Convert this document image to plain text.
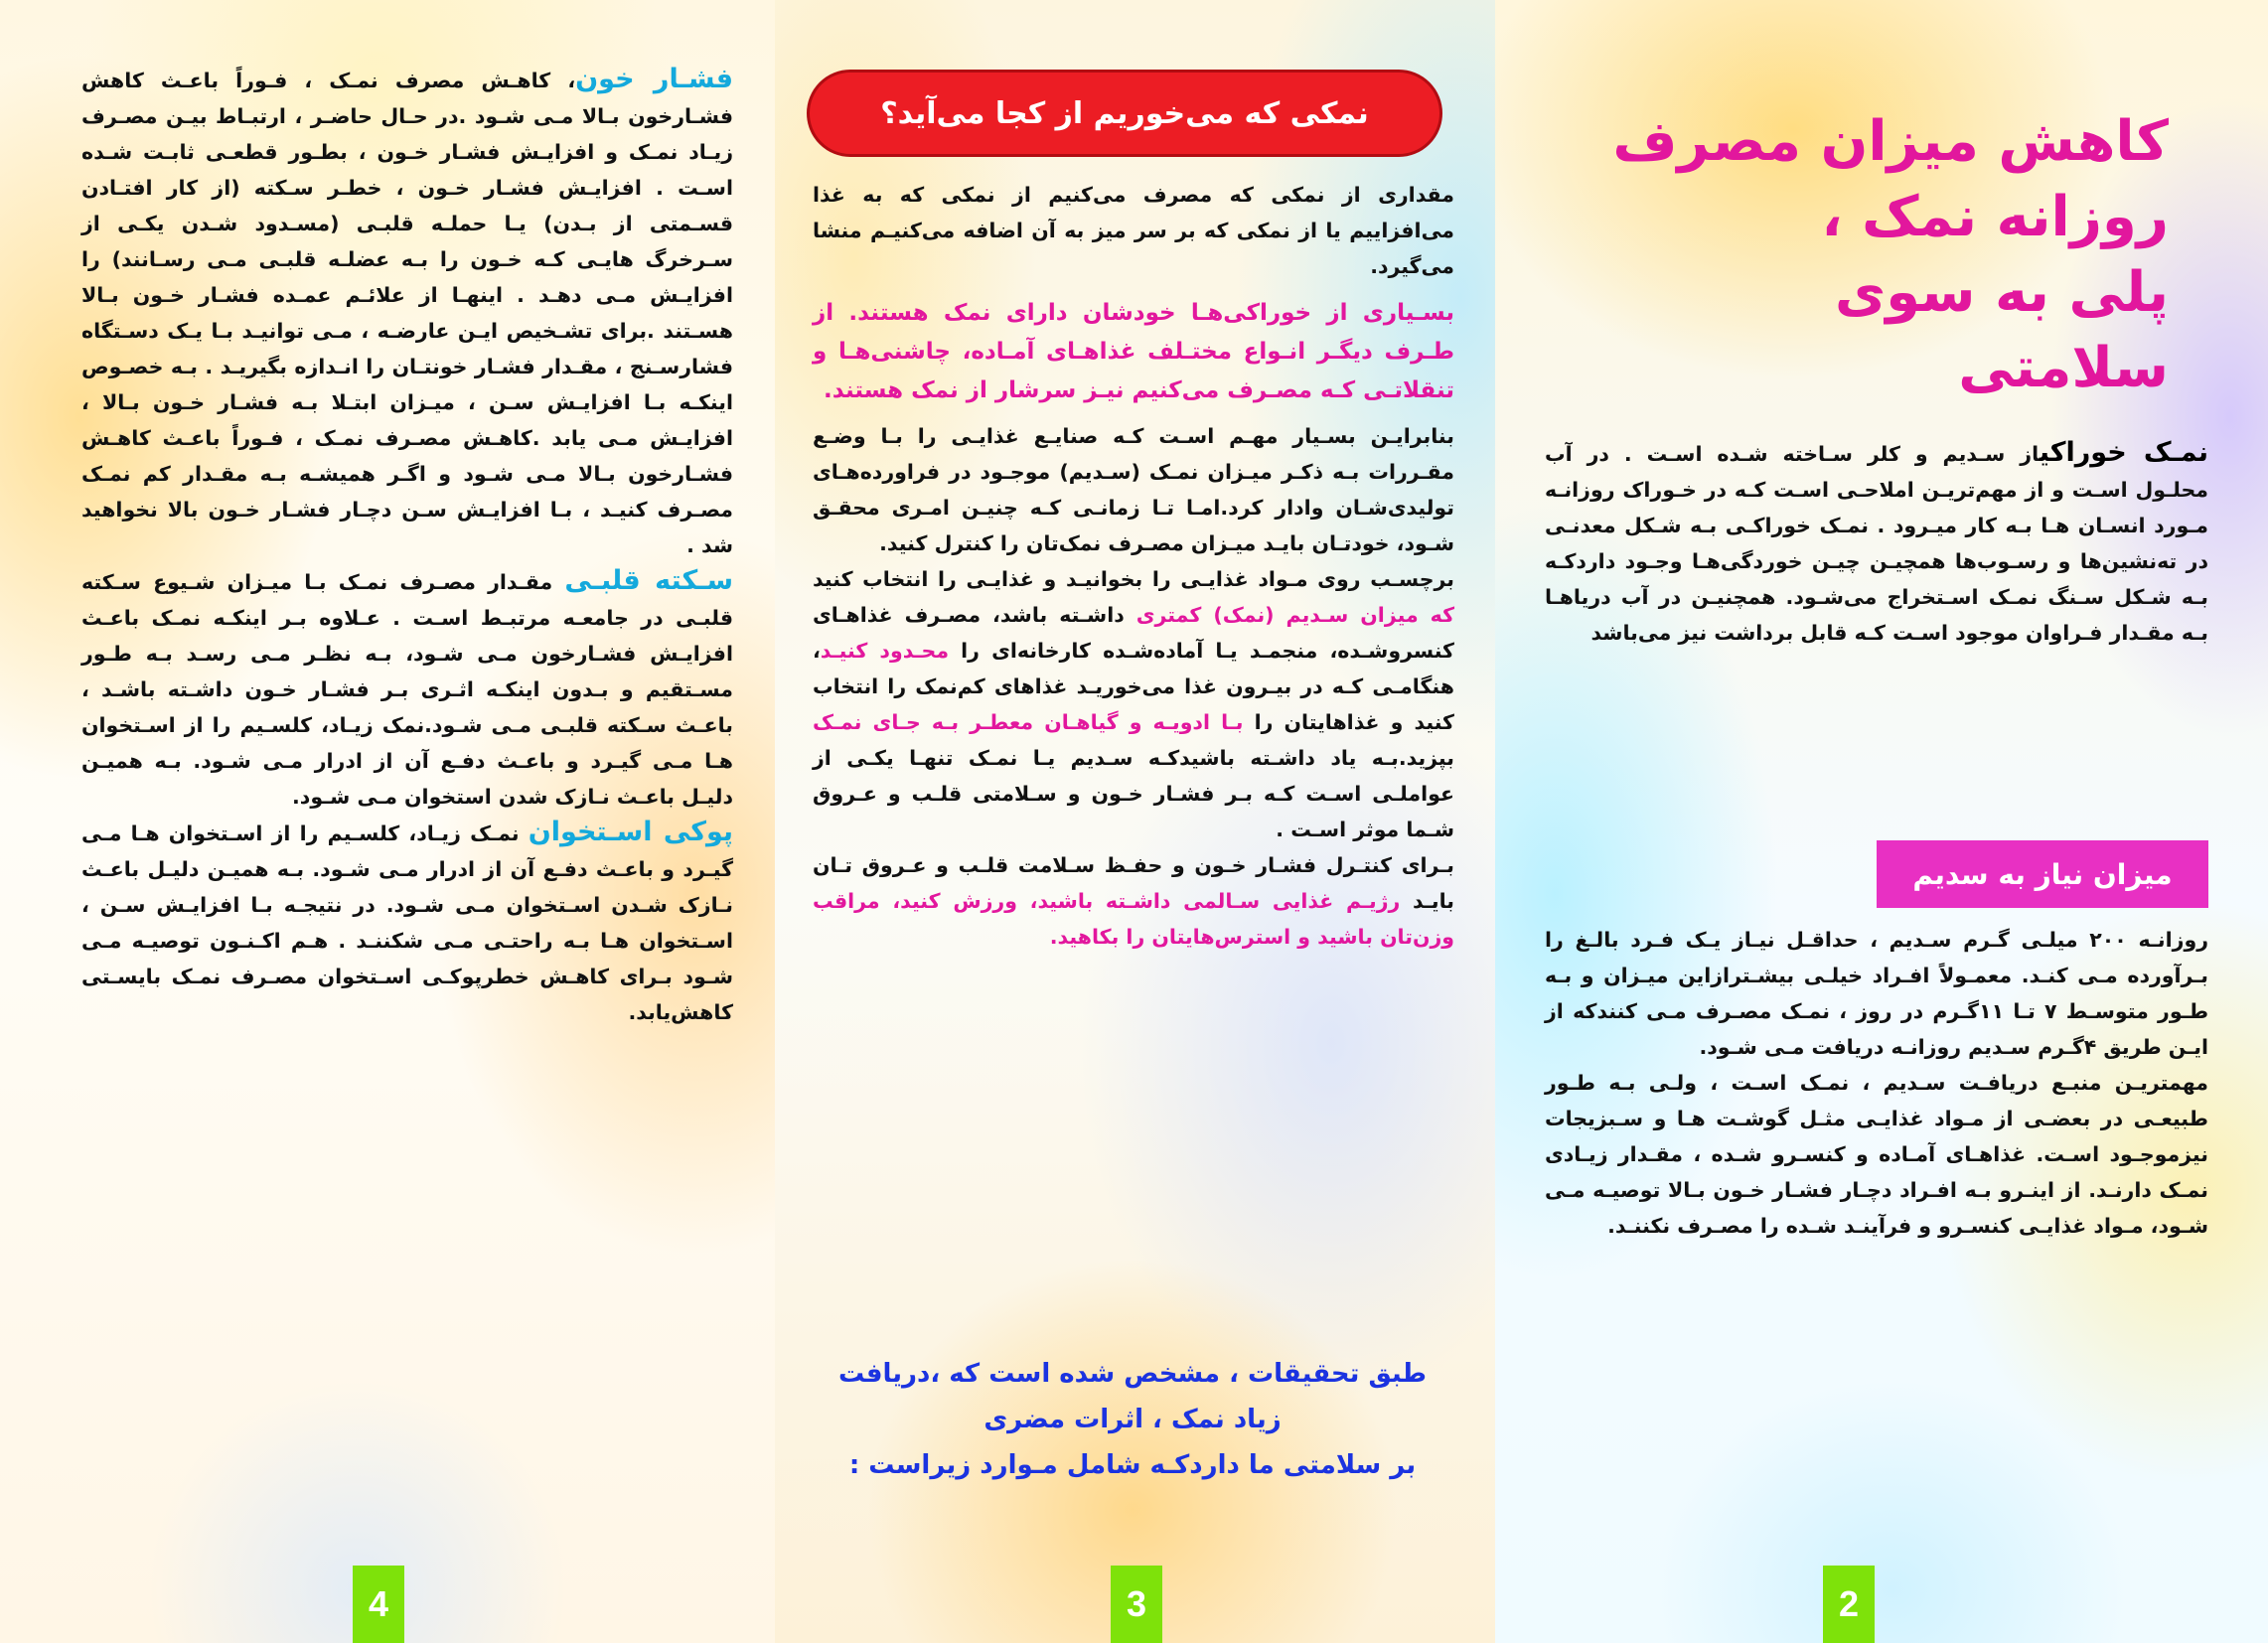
فشـار خون، کاهـش مصرف نمـک ، فـوراً باعـث کاهش فشـارخون بـالا مـی شـود .در حـال حاضـر ، ارتبـاط بیـن مصـرف زیـاد نمـک و افزایـش فشـار خـون ، بطـور قطعـی ثابـت شـده اسـت . افزایـش فشـار خـون ، خطـر سـکته (از کار افتـادن قسـمتی از بـدن) یـا حملـه قلبـی (مسـدود شـدن یکـی از سـرخرگ هایـی کـه خـون را بـه عضلـه قلبـی مـی رسـانند) را افزایـش مـی دهـد . اینهـا از علائـم عمـده فشـار خـون بـالا هسـتند .برای تشـخیص ایـن عارضـه ، مـی توانیـد بـا یـک دسـتگاه فشارسـنج ، مقـدار فشـار خونتـان را انـدازه بگیریـد . بـه خصـوص اینکـه بـا افزایـش سـن ، میـزان ابتـلا بـه فشـار خـون بـالا ، افزایـش مـی یابد .کاهـش مصـرف نمـک ، فـوراً باعـث کاهـش فشـارخون بـالا مـی شـود و اگـر همیشـه بـه مقـدار کم نمـک مصـرف کنیـد ، بـا افزایـش سـن دچـار فشـار خـون بالا نخواهید شد .

سـکته قلبـی مقـدار مصـرف نمـک بـا میـزان شـیوع سـکته قلبـی در جامعـه مرتبـط اسـت . عـلاوه بـر اینکـه نمـک باعـث افزایـش فشـارخون مـی شـود، بـه نظـر مـی رسـد بـه طـور مسـتقیم و بـدون اینکـه اثـری بـر فشـار خـون داشـته باشـد ، باعـث سـکته قلبـی مـی شـود.نمک زیـاد، کلسـیم را از اسـتخوان هـا مـی گیـرد و باعـث دفـع آن از ادرار مـی شـود. بـه همیـن دلیـل باعـث نـازک شدن استخوان مـی شـود.

پوکی اسـتخوان نمـک زیـاد، کلسـیم را از اسـتخوان هـا مـی گیـرد و باعـث دفـع آن از ادرار مـی شـود. بـه همیـن دلیـل باعـث نـازک شـدن اسـتخوان مـی شـود. در نتیجـه بـا افزایـش سـن ، اسـتخوان هـا بـه راحتـی مـی شکننـد . هـم اکـنـون توصیـه مـی شـود بـرای کاهـش خطرپوکـی اسـتخوان مصـرف نمـک بایسـتی کاهش‌یابد.

4
نمکی که می‌خوریم از کجا می‌آید؟

مقداری از نمکی که مصرف می‌کنیم از نمکی که به غذا می‌افزاییم یا از نمکی که بر سر میز به آن اضافه می‌کنیـم منشا می‌گیرد.

بسـیاری از خوراکی‌هـا خودشان دارای نمک هستند. از طـرف دیگـر انـواع مختـلف غذاهـای آمـاده، چاشنی‌هـا و تنقلاتـی کـه مصـرف می‌کنیم نیـز سرشار از نمک هستند.

بنابرایـن بسـیار مهـم اسـت کـه صنایـع غذایـی را بـا وضـع مقـررات بـه ذکـر میـزان نمـک (سـدیم) موجـود در فراورده‌هـای تولیدی‌شـان وادار کرد.امـا تـا زمانـی کـه چنیـن امـری محقـق شـود، خودتـان بایـد میـزان مصـرف نمک‌تان را کنترل کنید.

برچسـب روی مـواد غذایـی را بخوانیـد و غذایـی را انتخاب کنید که میزان سـدیم (نمک) کمتری داشـته باشد، مصـرف غذاهـای کنسروشـده، منجمـد یـا آماده‌شـده کارخانه‌ای را محـدود کنیـد، هنگامـی کـه در بیـرون غذا می‌خوریـد غذاهای کم‌نمک را انتخاب کنید و غذاهایتان را بـا ادویـه و گیاهـان معطـر بـه جـای نمـک بپزید.بـه یاد داشـته باشیدکـه سـدیم یـا نمـک تنهـا یکـی از عواملـی اسـت کـه بـر فشـار خـون و سـلامتی قلـب و عـروق شـما موثر اسـت .

بـرای کنتـرل فشـار خـون و حفـظ سـلامت قلـب و عـروق تـان بایـد رژیـم غذایی سـالمی داشـته باشید، ورزش کنید، مراقب وزن‌تان باشید و استرس‌هایتان را بکاهید.

طبق تحقیقات ، مشخص شده است که ،دریافت
زیاد نمک ، اثرات مضری
بر سلامتی ما داردکـه شامل مـوارد زیراست :
3
کاهش میزان مصرف
روزانه نمک ،
پلی به سوی سلامتی

نمـک خوراکیاز سـدیم و کلر سـاخته شـده اسـت . در آب محلـول اسـت و از مهم‌تریـن املاحـی اسـت کـه در خـوراک روزانـه مـورد انسـان هـا بـه کار میـرود . نمـک خوراکـی بـه شـکل معدنـی در ته‌نشین‌ها و رسـوب‌ها همچیـن چیـن خوردگی‌هـا وجـود داردکـه بـه شـکل سـنگ نمـک اسـتخراج می‌شـود. همچنیـن در آب دریاهـا بـه مقـدار فـراوان موجود اسـت کـه قابل برداشت نیز می‌باشد

میزان نیاز به سدیم

روزانـه ۲۰۰ میلـی گـرم سـدیم ، حداقـل نیـاز یـک فـرد بالـغ را بـرآورده مـی کنـد. معمـولاً افـراد خیلـی بیشـترازاین میـزان و بـه طـور متوسـط ۷ تـا ۱۱گـرم در روز ، نمـک مصـرف مـی کنندکه از ایـن طریق ۴گـرم سـدیم روزانـه دریافت مـی شـود.

مهمتریـن منبـع دریافـت سـدیم ، نمـک اسـت ، ولـی بـه طـور طبیعـی در بعضـی از مـواد غذایـی مثـل گوشـت هـا و سـبزیجات نیزموجـود اسـت. غذاهـای آمـاده و کنسـرو شـده ، مقـدار زیـادی نمـک دارنـد. از اینـرو بـه افـراد دچـار فشـار خـون بـالا توصیـه مـی شـود، مـواد غذایـی کنسـرو و فرآینـد شـده را مصـرف نکننـد.

2
